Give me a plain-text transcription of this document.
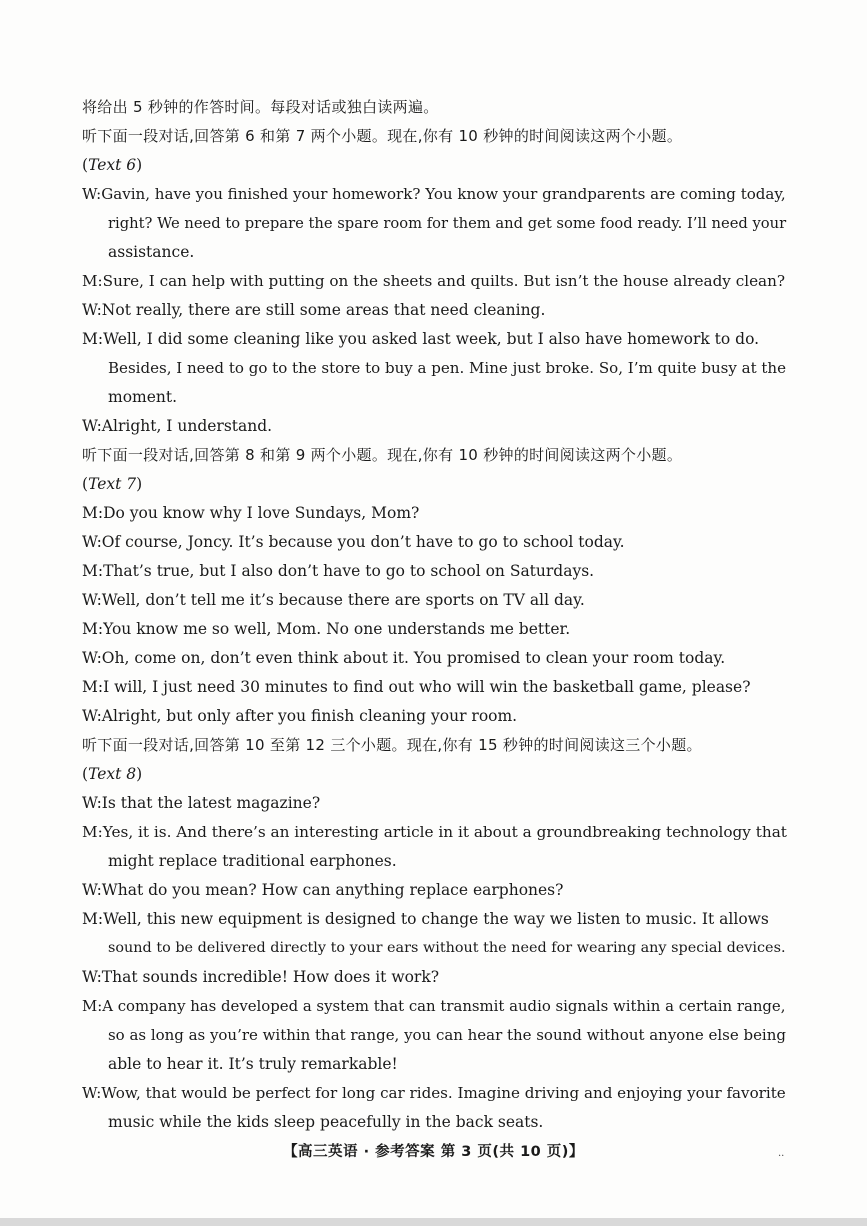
将给出 5 秒钟的作答时间。每段对话或独白读两遍。
听下面一段对话,回答第 6 和第 7 两个小题。现在,你有 10 秒钟的时间阅读这两个小题。
(Text 6)
W:Gavin, have you finished your homework? You know your grandparents are coming today,
right? We need to prepare the spare room for them and get some food ready. I’ll need your
assistance.
M:Sure, I can help with putting on the sheets and quilts. But isn’t the house already clean?
W:Not really, there are still some areas that need cleaning.
M:Well, I did some cleaning like you asked last week, but I also have homework to do.
Besides, I need to go to the store to buy a pen. Mine just broke. So, I’m quite busy at the
moment.
W:Alright, I understand.
听下面一段对话,回答第 8 和第 9 两个小题。现在,你有 10 秒钟的时间阅读这两个小题。
(Text 7)
M:Do you know why I love Sundays, Mom?
W:Of course, Joncy. It’s because you don’t have to go to school today.
M:That’s true, but I also don’t have to go to school on Saturdays.
W:Well, don’t tell me it’s because there are sports on TV all day.
M:You know me so well, Mom. No one understands me better.
W:Oh, come on, don’t even think about it. You promised to clean your room today.
M:I will, I just need 30 minutes to find out who will win the basketball game, please?
W:Alright, but only after you finish cleaning your room.
听下面一段对话,回答第 10 至第 12 三个小题。现在,你有 15 秒钟的时间阅读这三个小题。
(Text 8)
W:Is that the latest magazine?
M:Yes, it is. And there’s an interesting article in it about a groundbreaking technology that
might replace traditional earphones.
W:What do you mean? How can anything replace earphones?
M:Well, this new equipment is designed to change the way we listen to music. It allows
sound to be delivered directly to your ears without the need for wearing any special devices.
W:That sounds incredible! How does it work?
M:A company has developed a system that can transmit audio signals within a certain range,
so as long as you’re within that range, you can hear the sound without anyone else being
able to hear it. It’s truly remarkable!
W:Wow, that would be perfect for long car rides. Imagine driving and enjoying your favorite
music while the kids sleep peacefully in the back seats.
【高三英语 · 参考答案 第 3 页(共 10 页)】	..
